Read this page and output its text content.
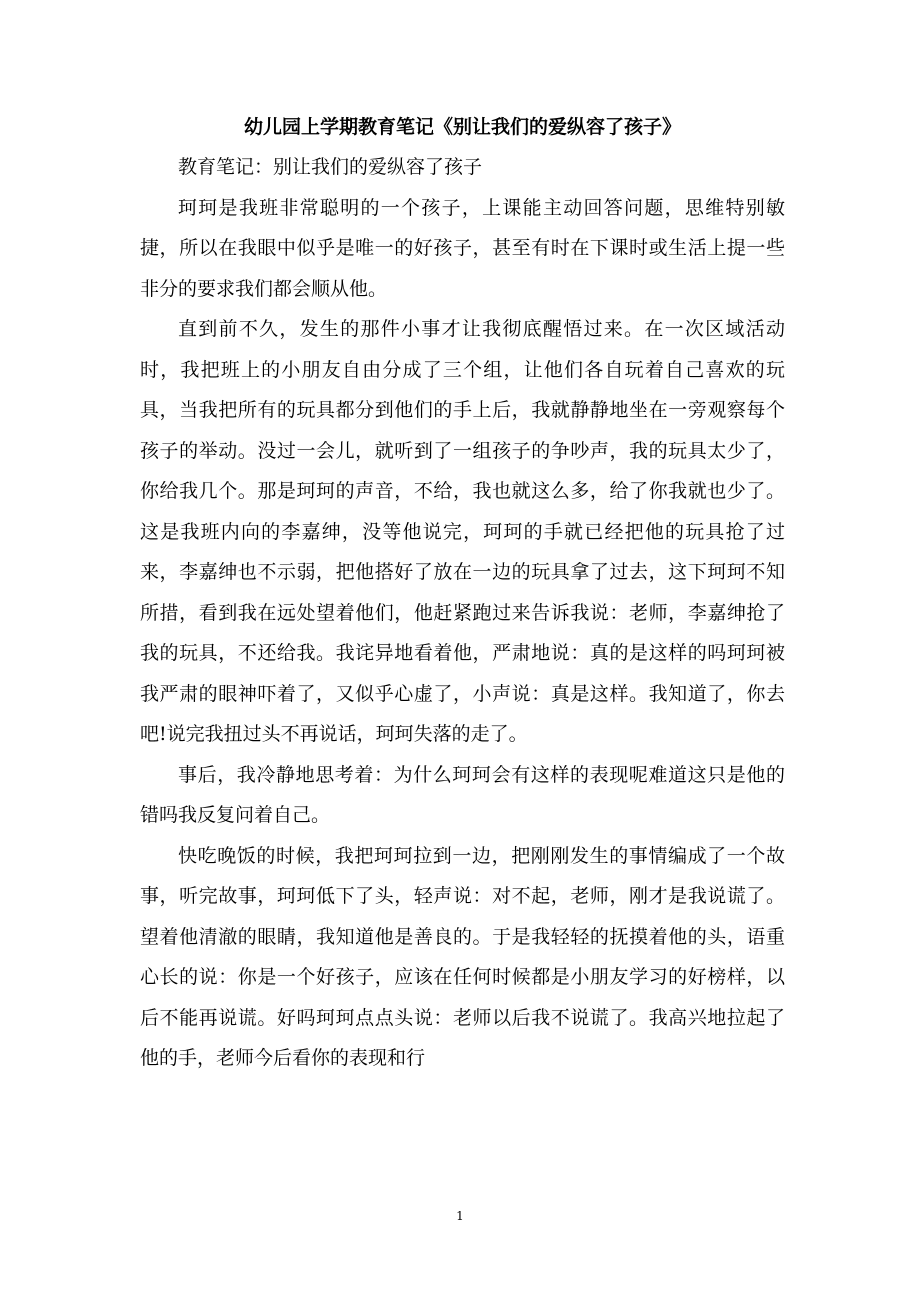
幼儿园上学期教育笔记《别让我们的爱纵容了孩子》

教育笔记：别让我们的爱纵容了孩子

珂珂是我班非常聪明的一个孩子，上课能主动回答问题，思维特别敏捷，所以在我眼中似乎是唯一的好孩子，甚至有时在下课时或生活上提一些非分的要求我们都会顺从他。

直到前不久，发生的那件小事才让我彻底醒悟过来。在一次区域活动时，我把班上的小朋友自由分成了三个组，让他们各自玩着自己喜欢的玩具，当我把所有的玩具都分到他们的手上后，我就静静地坐在一旁观察每个孩子的举动。没过一会儿，就听到了一组孩子的争吵声，我的玩具太少了，你给我几个。那是珂珂的声音，不给，我也就这么多，给了你我就也少了。这是我班内向的李嘉绅，没等他说完，珂珂的手就已经把他的玩具抢了过来，李嘉绅也不示弱，把他搭好了放在一边的玩具拿了过去，这下珂珂不知所措，看到我在远处望着他们，他赶紧跑过来告诉我说：老师，李嘉绅抢了我的玩具，不还给我。我诧异地看着他，严肃地说：真的是这样的吗珂珂被我严肃的眼神吓着了，又似乎心虚了，小声说：真是这样。我知道了，你去吧!说完我扭过头不再说话，珂珂失落的走了。

事后，我冷静地思考着：为什么珂珂会有这样的表现呢难道这只是他的错吗我反复问着自己。

快吃晚饭的时候，我把珂珂拉到一边，把刚刚发生的事情编成了一个故事，听完故事，珂珂低下了头，轻声说：对不起，老师，刚才是我说谎了。望着他清澈的眼睛，我知道他是善良的。于是我轻轻的抚摸着他的头，语重心长的说：你是一个好孩子，应该在任何时候都是小朋友学习的好榜样，以后不能再说谎。好吗珂珂点点头说：老师以后我不说谎了。我高兴地拉起了他的手，老师今后看你的表现和行

1
